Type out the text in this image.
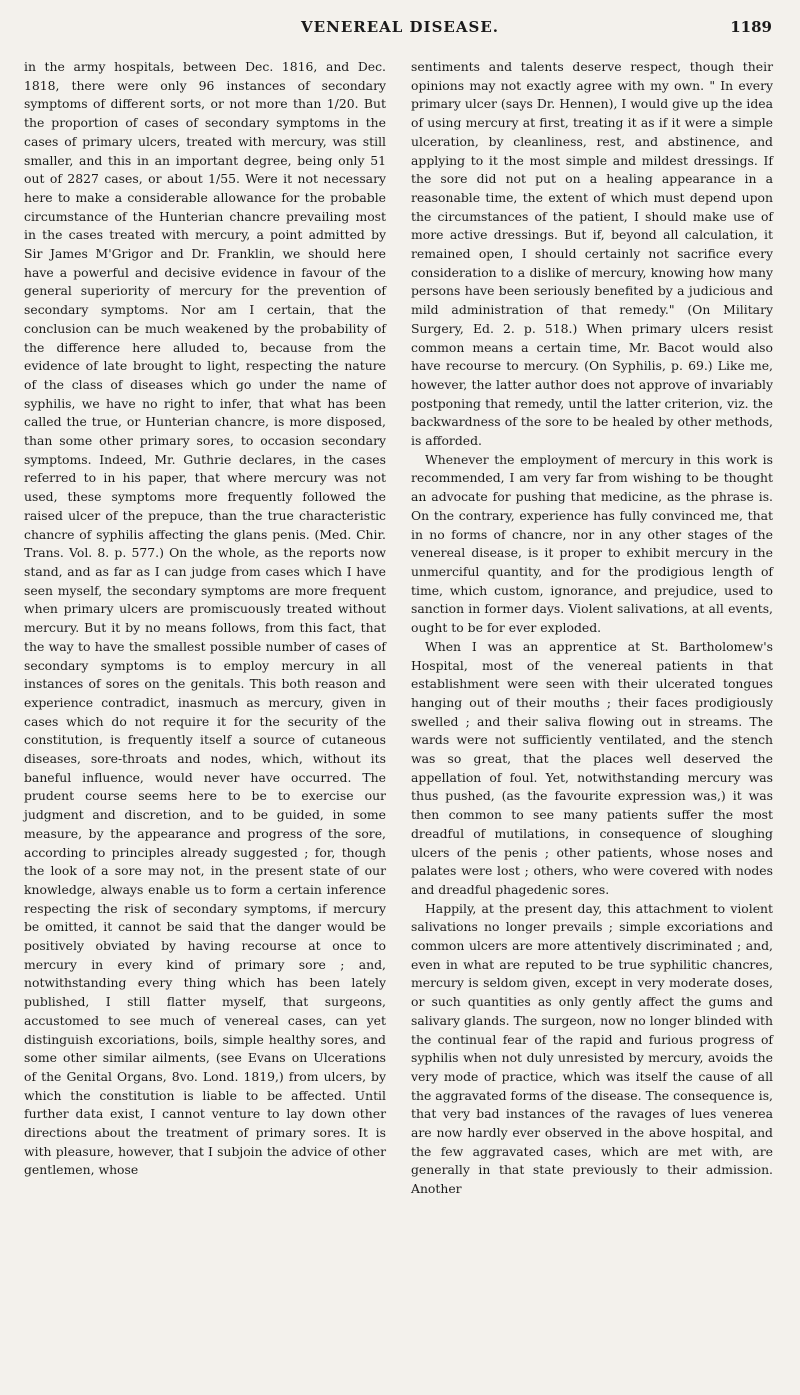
VENEREAL DISEASE.	1189

in the army hospitals, between Dec. 1816, and Dec. 1818, there were only 96 instances of secondary symptoms of different sorts, or not more than 1/20. But the proportion of cases of secondary symptoms in the cases of primary ulcers, treated with mercury, was still smaller, and this in an important degree, being only 51 out of 2827 cases, or about 1/55. Were it not necessary here to make a considerable allowance for the probable circumstance of the Hunterian chancre prevailing most in the cases treated with mercury, a point admitted by Sir James M'Grigor and Dr. Franklin, we should here have a powerful and decisive evidence in favour of the general superiority of mercury for the prevention of secondary symptoms. Nor am I certain, that the conclusion can be much weakened by the probability of the difference here alluded to, because from the evidence of late brought to light, respecting the nature of the class of diseases which go under the name of syphilis, we have no right to infer, that what has been called the true, or Hunterian chancre, is more disposed, than some other primary sores, to occasion secondary symptoms. Indeed, Mr. Guthrie declares, in the cases referred to in his paper, that where mercury was not used, these symptoms more frequently followed the raised ulcer of the prepuce, than the true characteristic chancre of syphilis affecting the glans penis. (Med. Chir. Trans. Vol. 8. p. 577.) On the whole, as the reports now stand, and as far as I can judge from cases which I have seen myself, the secondary symptoms are more frequent when primary ulcers are promiscuously treated without mercury. But it by no means follows, from this fact, that the way to have the smallest possible number of cases of secondary symptoms is to employ mercury in all instances of sores on the genitals. This both reason and experience contradict, inasmuch as mercury, given in cases which do not require it for the security of the constitution, is frequently itself a source of cutaneous diseases, sore-throats and nodes, which, without its baneful influence, would never have occurred. The prudent course seems here to be to exercise our judgment and discretion, and to be guided, in some measure, by the appearance and progress of the sore, according to principles already suggested ; for, though the look of a sore may not, in the present state of our knowledge, always enable us to form a certain inference respecting the risk of secondary symptoms, if mercury be omitted, it cannot be said that the danger would be positively obviated by having recourse at once to mercury in every kind of primary sore ; and, notwithstanding every thing which has been lately published, I still flatter myself, that surgeons, accustomed to see much of venereal cases, can yet distinguish excoriations, boils, simple healthy sores, and some other similar ailments, (see Evans on Ulcerations of the Genital Organs, 8vo. Lond. 1819,) from ulcers, by which the constitution is liable to be affected. Until further data exist, I cannot venture to lay down other directions about the treatment of primary sores. It is with pleasure, however, that I subjoin the advice of other gentlemen, whose

sentiments and talents deserve respect, though their opinions may not exactly agree with my own. " In every primary ulcer (says Dr. Hennen), I would give up the idea of using mercury at first, treating it as if it were a simple ulceration, by cleanliness, rest, and abstinence, and applying to it the most simple and mildest dressings. If the sore did not put on a healing appearance in a reasonable time, the extent of which must depend upon the circumstances of the patient, I should make use of more active dressings. But if, beyond all calculation, it remained open, I should certainly not sacrifice every consideration to a dislike of mercury, knowing how many persons have been seriously benefited by a judicious and mild administration of that remedy." (On Military Surgery, Ed. 2. p. 518.) When primary ulcers resist common means a certain time, Mr. Bacot would also have recourse to mercury. (On Syphilis, p. 69.) Like me, however, the latter author does not approve of invariably postponing that remedy, until the latter criterion, viz. the backwardness of the sore to be healed by other methods, is afforded.

Whenever the employment of mercury in this work is recommended, I am very far from wishing to be thought an advocate for pushing that medicine, as the phrase is. On the contrary, experience has fully convinced me, that in no forms of chancre, nor in any other stages of the venereal disease, is it proper to exhibit mercury in the unmerciful quantity, and for the prodigious length of time, which custom, ignorance, and prejudice, used to sanction in former days. Violent salivations, at all events, ought to be for ever exploded.

When I was an apprentice at St. Bartholomew's Hospital, most of the venereal patients in that establishment were seen with their ulcerated tongues hanging out of their mouths ; their faces prodigiously swelled ; and their saliva flowing out in streams. The wards were not sufficiently ventilated, and the stench was so great, that the places well deserved the appellation of foul. Yet, notwithstanding mercury was thus pushed, (as the favourite expression was,) it was then common to see many patients suffer the most dreadful of mutilations, in consequence of sloughing ulcers of the penis ; other patients, whose noses and palates were lost ; others, who were covered with nodes and dreadful phagedenic sores.

Happily, at the present day, this attachment to violent salivations no longer prevails ; simple excoriations and common ulcers are more attentively discriminated ; and, even in what are reputed to be true syphilitic chancres, mercury is seldom given, except in very moderate doses, or such quantities as only gently affect the gums and salivary glands. The surgeon, now no longer blinded with the continual fear of the rapid and furious progress of syphilis when not duly unresisted by mercury, avoids the very mode of practice, which was itself the cause of all the aggravated forms of the disease. The consequence is, that very bad instances of the ravages of lues venerea are now hardly ever observed in the above hospital, and the few aggravated cases, which are met with, are generally in that state previously to their admission. Another
